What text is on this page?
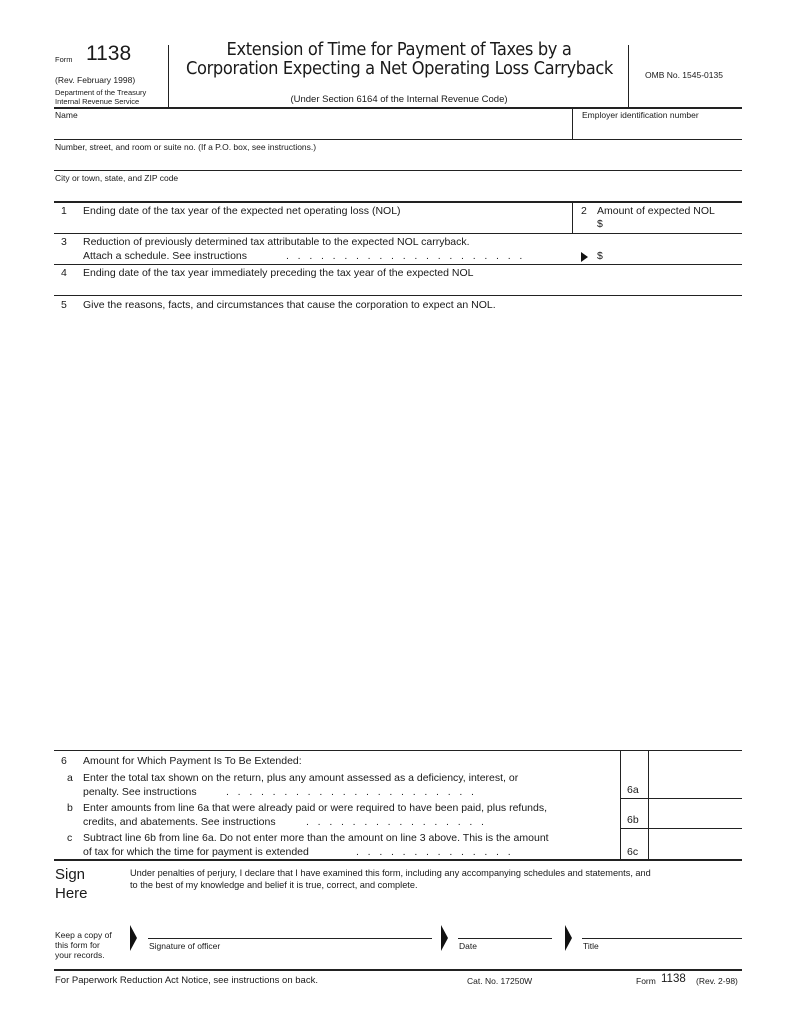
Form 1138
(Rev. February 1998)
Department of the Treasury
Internal Revenue Service
Extension of Time for Payment of Taxes by a
Corporation Expecting a Net Operating Loss Carryback
(Under Section 6164 of the Internal Revenue Code)
OMB No. 1545-0135
Name	Employer identification number
Number, street, and room or suite no. (If a P.O. box, see instructions.)
City or town, state, and ZIP code
1 Ending date of the tax year of the expected net operating loss (NOL)	2 Amount of expected NOL
$
3 Reduction of previously determined tax attributable to the expected NOL carryback.
Attach a schedule. See instructions	.   .   .   .   .   .   .   .   .   .   .   .   .   .   .   .   .   .   .   .   .	$
4 Ending date of the tax year immediately preceding the tax year of the expected NOL
5 Give the reasons, facts, and circumstances that cause the corporation to expect an NOL.
6 Amount for Which Payment Is To Be Extended:
a Enter the total tax shown on the return, plus any amount assessed as a deficiency, interest, or
penalty. See instructions	.   .   .   .   .   .   .   .   .   .   .   .   .   .   .   .   .   .   .   .   .   .	6a
b Enter amounts from line 6a that were already paid or were required to have been paid, plus refunds,
credits, and abatements. See instructions	.   .   .   .   .   .   .   .   .   .   .   .   .   .   .   .	6b
c Subtract line 6b from line 6a. Do not enter more than the amount on line 3 above. This is the amount
of tax for which the time for payment is extended	.   .   .   .   .   .   .   .   .   .   .   .   .   .	6c
Sign
Here
Under penalties of perjury, I declare that I have examined this form, including any accompanying schedules and statements, and
to the best of my knowledge and belief it is true, correct, and complete.
Keep a copy of
this form for
your records.
Signature of officer	Date	Title
For Paperwork Reduction Act Notice, see instructions on back.	Cat. No. 17250W	Form 1138 (Rev. 2-98)
